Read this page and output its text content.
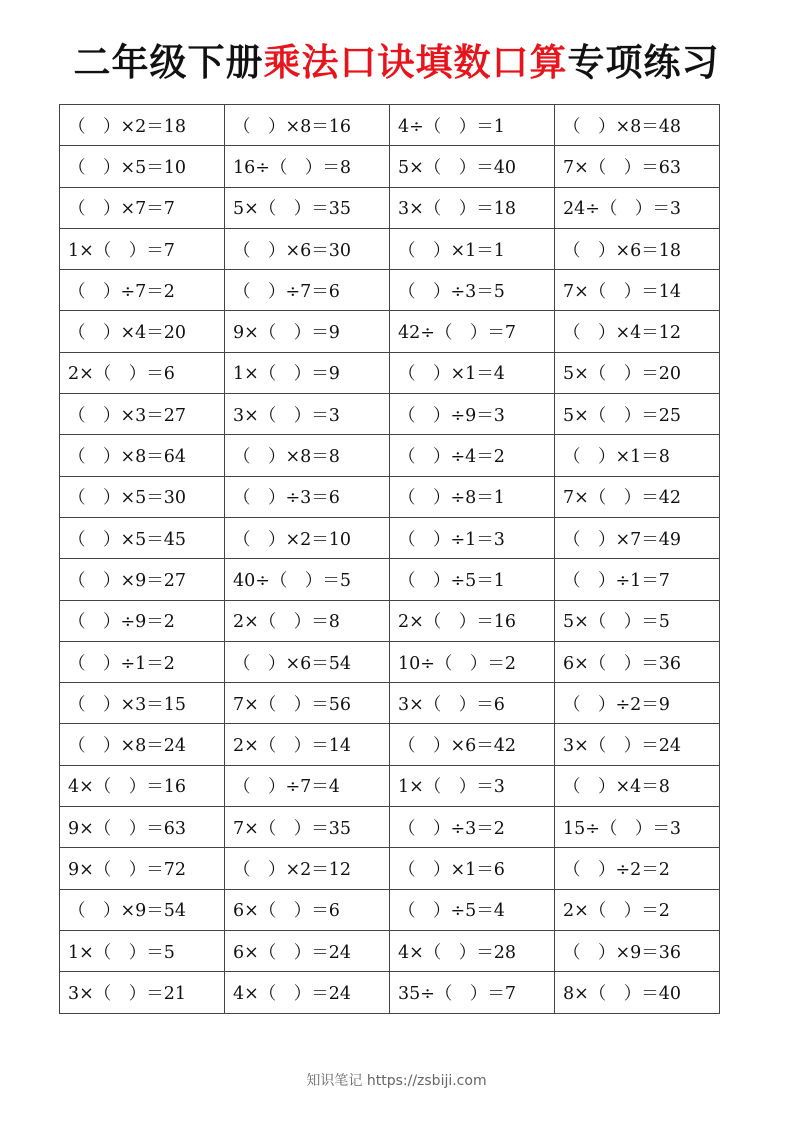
二年级下册乘法口诀填数口算专项练习
（　）×2＝18	（　）×8＝16	4÷（　）＝1	（　）×8＝48
（　）×5＝10	16÷（　）＝8	5×（　）＝40	7×（　）＝63
（　）×7＝7	5×（　）＝35	3×（　）＝18	24÷（　）＝3
1×（　）＝7	（　）×6＝30	（　）×1＝1	（　）×6＝18
（　）÷7＝2	（　）÷7＝6	（　）÷3＝5	7×（　）＝14
（　）×4＝20	9×（　）＝9	42÷（　）＝7	（　）×4＝12
2×（　）＝6	1×（　）＝9	（　）×1＝4	5×（　）＝20
（　）×3＝27	3×（　）＝3	（　）÷9＝3	5×（　）＝25
（　）×8＝64	（　）×8＝8	（　）÷4＝2	（　）×1＝8
（　）×5＝30	（　）÷3＝6	（　）÷8＝1	7×（　）＝42
（　）×5＝45	（　）×2＝10	（　）÷1＝3	（　）×7＝49
（　）×9＝27	40÷（　）＝5	（　）÷5＝1	（　）÷1＝7
（　）÷9＝2	2×（　）＝8	2×（　）＝16	5×（　）＝5
（　）÷1＝2	（　）×6＝54	10÷（　）＝2	6×（　）＝36
（　）×3＝15	7×（　）＝56	3×（　）＝6	（　）÷2＝9
（　）×8＝24	2×（　）＝14	（　）×6＝42	3×（　）＝24
4×（　）＝16	（　）÷7＝4	1×（　）＝3	（　）×4＝8
9×（　）＝63	7×（　）＝35	（　）÷3＝2	15÷（　）＝3
9×（　）＝72	（　）×2＝12	（　）×1＝6	（　）÷2＝2
（　）×9＝54	6×（　）＝6	（　）÷5＝4	2×（　）＝2
1×（　）＝5	6×（　）＝24	4×（　）＝28	（　）×9＝36
3×（　）＝21	4×（　）＝24	35÷（　）＝7	8×（　）＝40
知识笔记 https://zsbiji.com
